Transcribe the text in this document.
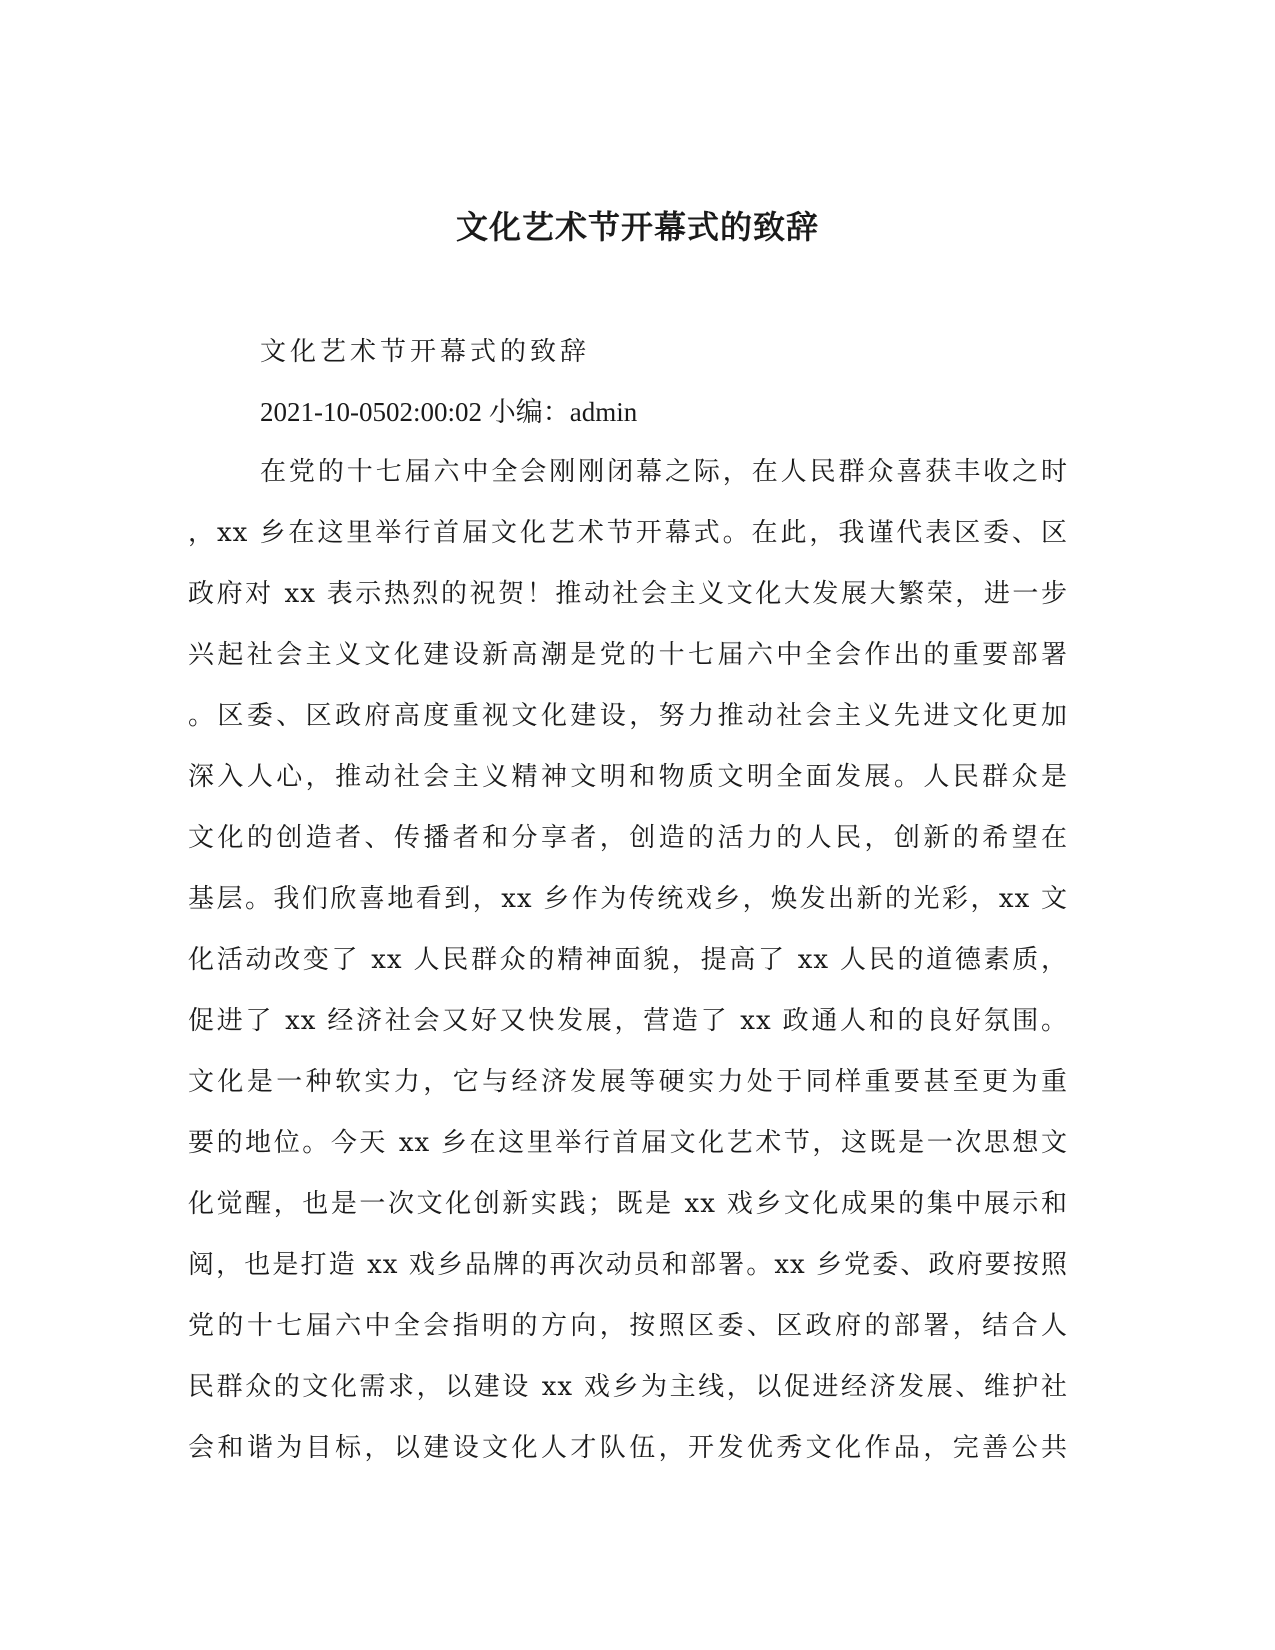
文化艺术节开幕式的致辞

文化艺术节开幕式的致辞

2021-10-0502:00:02 小编：admin

在党的十七届六中全会刚刚闭幕之际，在人民群众喜获丰收之时
，xx 乡在这里举行首届文化艺术节开幕式。在此，我谨代表区委、区
政府对 xx 表示热烈的祝贺！推动社会主义文化大发展大繁荣，进一步
兴起社会主义文化建设新高潮是党的十七届六中全会作出的重要部署
。区委、区政府高度重视文化建设，努力推动社会主义先进文化更加
深入人心，推动社会主义精神文明和物质文明全面发展。人民群众是
文化的创造者、传播者和分享者，创造的活力的人民，创新的希望在
基层。我们欣喜地看到，xx 乡作为传统戏乡，焕发出新的光彩，xx 文
化活动改变了 xx 人民群众的精神面貌，提高了 xx 人民的道德素质，
促进了 xx 经济社会又好又快发展，营造了 xx 政通人和的良好氛围。
文化是一种软实力，它与经济发展等硬实力处于同样重要甚至更为重
要的地位。今天 xx 乡在这里举行首届文化艺术节，这既是一次思想文
化觉醒，也是一次文化创新实践；既是 xx 戏乡文化成果的集中展示和
阅，也是打造 xx 戏乡品牌的再次动员和部署。xx 乡党委、政府要按照
党的十七届六中全会指明的方向，按照区委、区政府的部署，结合人
民群众的文化需求，以建设 xx 戏乡为主线，以促进经济发展、维护社
会和谐为目标，以建设文化人才队伍，开发优秀文化作品，完善公共
